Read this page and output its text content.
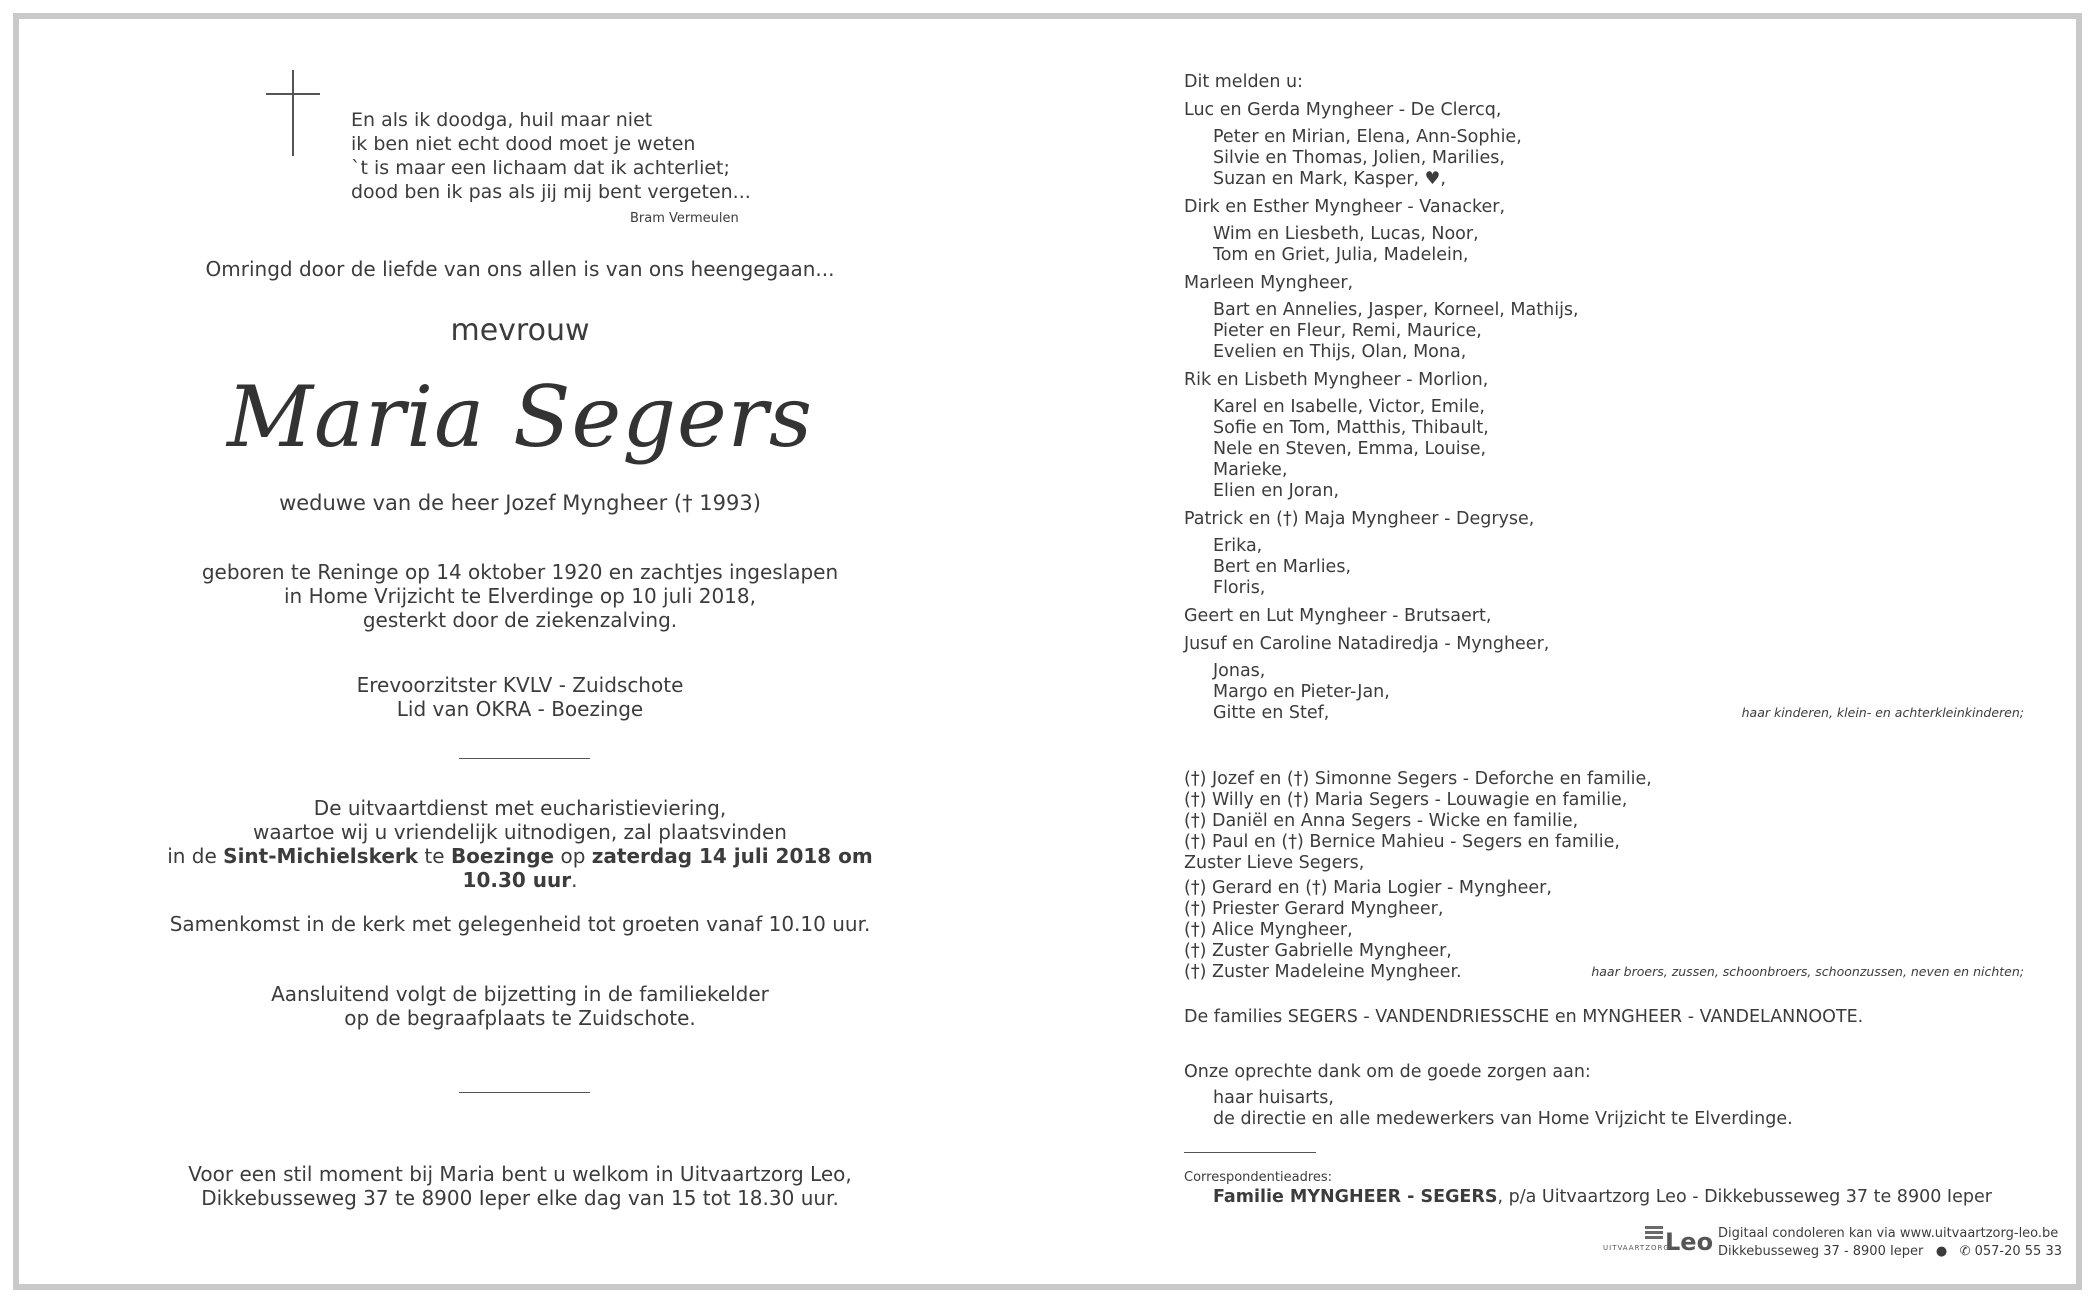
En als ik doodga, huil maar niet

ik ben niet echt dood moet je weten

`t is maar een lichaam dat ik achterliet;

dood ben ik pas als jij mij bent vergeten...

Bram Vermeulen
Omringd door de liefde van ons allen is van ons heengegaan...
mevrouw
Maria Segers
weduwe van de heer Jozef Myngheer († 1993)

geboren te Reninge op 14 oktober 1920 en zachtjes ingeslapen

in Home Vrijzicht te Elverdinge op 10 juli 2018,

gesterkt door de ziekenzalving.

Erevoorzitster KVLV - Zuidschote

Lid van OKRA - Boezinge

De uitvaartdienst met eucharistieviering,

waartoe wij u vriendelijk uitnodigen, zal plaatsvinden

in de Sint-Michielskerk te Boezinge op zaterdag 14 juli 2018 om 10.30 uur.

Samenkomst in de kerk met gelegenheid tot groeten vanaf 10.10 uur.

Aansluitend volgt de bijzetting in de familiekelder

op de begraafplaats te Zuidschote.

Voor een stil moment bij Maria bent u welkom in Uitvaartzorg Leo,

Dikkebusseweg 37 te 8900 Ieper elke dag van 15 tot 18.30 uur.

Dit melden u:

Luc en Gerda Myngheer - De Clercq,

Peter en Mirian, Elena, Ann-Sophie,

Silvie en Thomas, Jolien, Marilies,

Suzan en Mark, Kasper, ♥,

Dirk en Esther Myngheer - Vanacker,

Wim en Liesbeth, Lucas, Noor,

Tom en Griet, Julia, Madelein,

Marleen Myngheer,

Bart en Annelies, Jasper, Korneel, Mathijs,

Pieter en Fleur, Remi, Maurice,

Evelien en Thijs, Olan, Mona,

Rik en Lisbeth Myngheer - Morlion,

Karel en Isabelle, Victor, Emile,

Sofie en Tom, Matthis, Thibault,

Nele en Steven, Emma, Louise,

Marieke,

Elien en Joran,

Patrick en (†) Maja Myngheer - Degryse,

Erika,

Bert en Marlies,

Floris,

Geert en Lut Myngheer - Brutsaert,

Jusuf en Caroline Natadiredja - Myngheer,

Jonas,

Margo en Pieter-Jan,

Gitte en Stef,	haar kinderen, klein- en achterkleinkinderen;

(†) Jozef en (†) Simonne Segers - Deforche en familie,

(†) Willy en (†) Maria Segers - Louwagie en familie,

(†) Daniël en Anna Segers - Wicke en familie,

(†) Paul en (†) Bernice Mahieu - Segers en familie,

Zuster Lieve Segers,

(†) Gerard en (†) Maria Logier - Myngheer,

(†) Priester Gerard Myngheer,

(†) Alice Myngheer,

(†) Zuster Gabrielle Myngheer,

(†) Zuster Madeleine Myngheer.	haar broers, zussen, schoonbroers, schoonzussen, neven en nichten;
De families SEGERS - VANDENDRIESSCHE en MYNGHEER - VANDELANNOOTE.

Onze oprechte dank om de goede zorgen aan:

haar huisarts,

de directie en alle medewerkers van Home Vrijzicht te Elverdinge.

Correspondentieadres:
Familie MYNGHEER - SEGERS, p/a Uitvaartzorg Leo - Dikkebusseweg 37 te 8900 Ieper
UITVAARTZORG
Leo Digitaal condoleren kan via www.uitvaartzorg-leo.be

Dikkebusseweg 37 - 8900 Ieper ● ✆ 057-20 55 33
